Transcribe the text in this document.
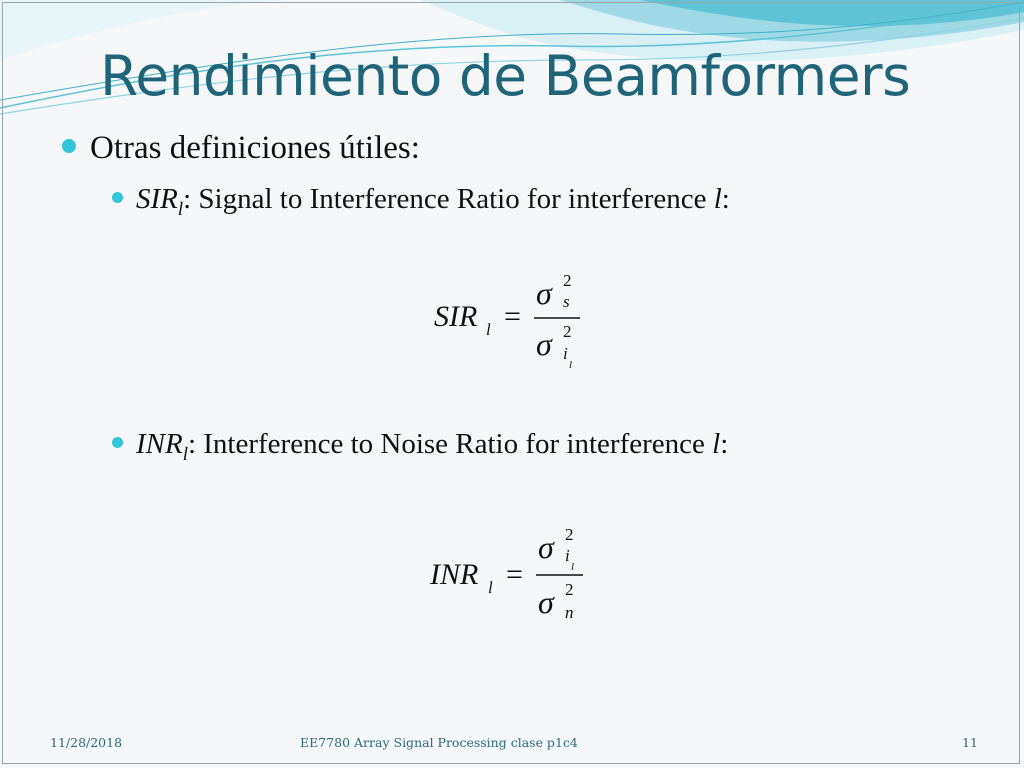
Rendimiento de Beamformers
Otras definiciones útiles:
$SIR_l$: Signal to Interference Ratio for interference l:
SIR l =
σ 2
s
σ 2
i
l
$INR_l$: Interference to Noise Ratio for interference l:
INR l =
σ 2
i
l
σ 2
n
11/28/2018	EE7780 Array Signal Processing clase p1c4	11
